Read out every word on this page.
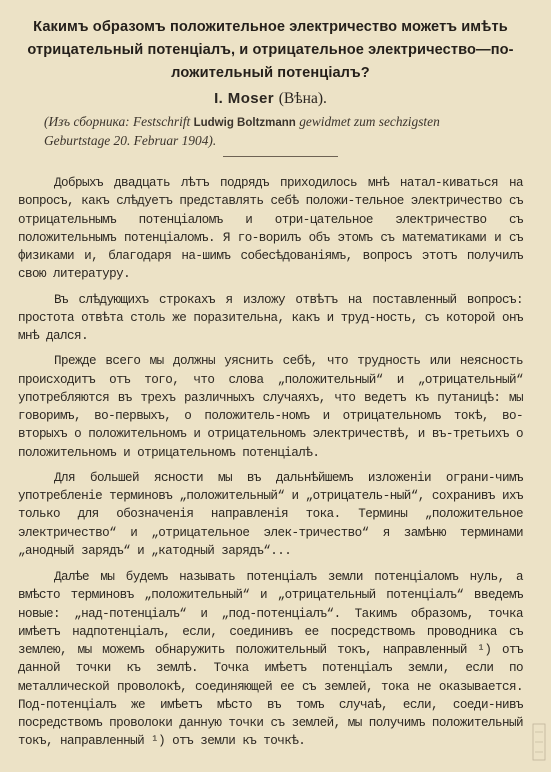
Какимъ образомъ положительное электричество можетъ имѣть
отрицательный потенціалъ, и отрицательное электричество—по-
ложительный потенціалъ?
I. Moser (Вѣна).
(Изъ сборника: Festschrift Ludwig Boltzmann gewidmet zum sechzigsten
Geburtstage 20. Februar 1904).

Добрыхъ двадцать лѣтъ подрядъ приходилось мнѣ натал-киваться на вопросъ, какъ слѣдуетъ представлять себѣ положи-тельное электричество съ отрицательнымъ потенціаломъ и отри-цательное электричество съ положительнымъ потенціаломъ. Я го-ворилъ объ этомъ съ математиками и съ физиками и, благодаря на-шимъ собесѣдованіямъ, вопросъ этотъ получилъ свою литературу.

Въ слѣдующихъ строкахъ я изложу отвѣтъ на поставленный вопросъ: простота отвѣта столь же поразительна, какъ и труд-ность, съ которой онъ мнѣ дался.

Прежде всего мы должны уяснить себѣ, что трудность или неясность происходитъ отъ того, что слова „положительный“ и „отрицательный“ употребляются въ трехъ различныхъ случаяхъ, что ведетъ къ путаницѣ: мы говоримъ, во-первыхъ, о положитель-номъ и отрицательномъ токѣ, во-вторыхъ о положительномъ и отрицательномъ электричествѣ, и въ-третьихъ о положительномъ и отрицательномъ потенціалѣ.

Для большей ясности мы въ дальнѣйшемъ изложеніи ограни-чимъ употребленіе терминовъ „положительный“ и „отрицатель-ный“, сохранивъ ихъ только для обозначенія направленія тока. Термины „положительное электричество“ и „отрицательное элек-тричество“ я замѣню терминами „анодный зарядъ“ и „катодный зарядъ“...

Далѣе мы будемъ называть потенціалъ земли потенціаломъ нуль, а вмѣсто терминовъ „положительный“ и „отрицательный потенціалъ“ введемъ новые: „над-потенціалъ“ и „под-потенціалъ“. Такимъ образомъ, точка имѣетъ надпотенціалъ, если, соединивъ ее посредствомъ проводника съ землею, мы можемъ обнаружить положительный токъ, направленный ¹) отъ данной точки къ землѣ. Точка имѣетъ потенціалъ земли, если по металлической проволокѣ, соединяющей ее съ землей, тока не оказывается. Под-потенціалъ же имѣетъ мѣсто въ томъ случаѣ, если, соеди-нивъ посредствомъ проволоки данную точки съ землей, мы получимъ положительный токъ, направленный ¹) отъ земли къ точкѣ.
